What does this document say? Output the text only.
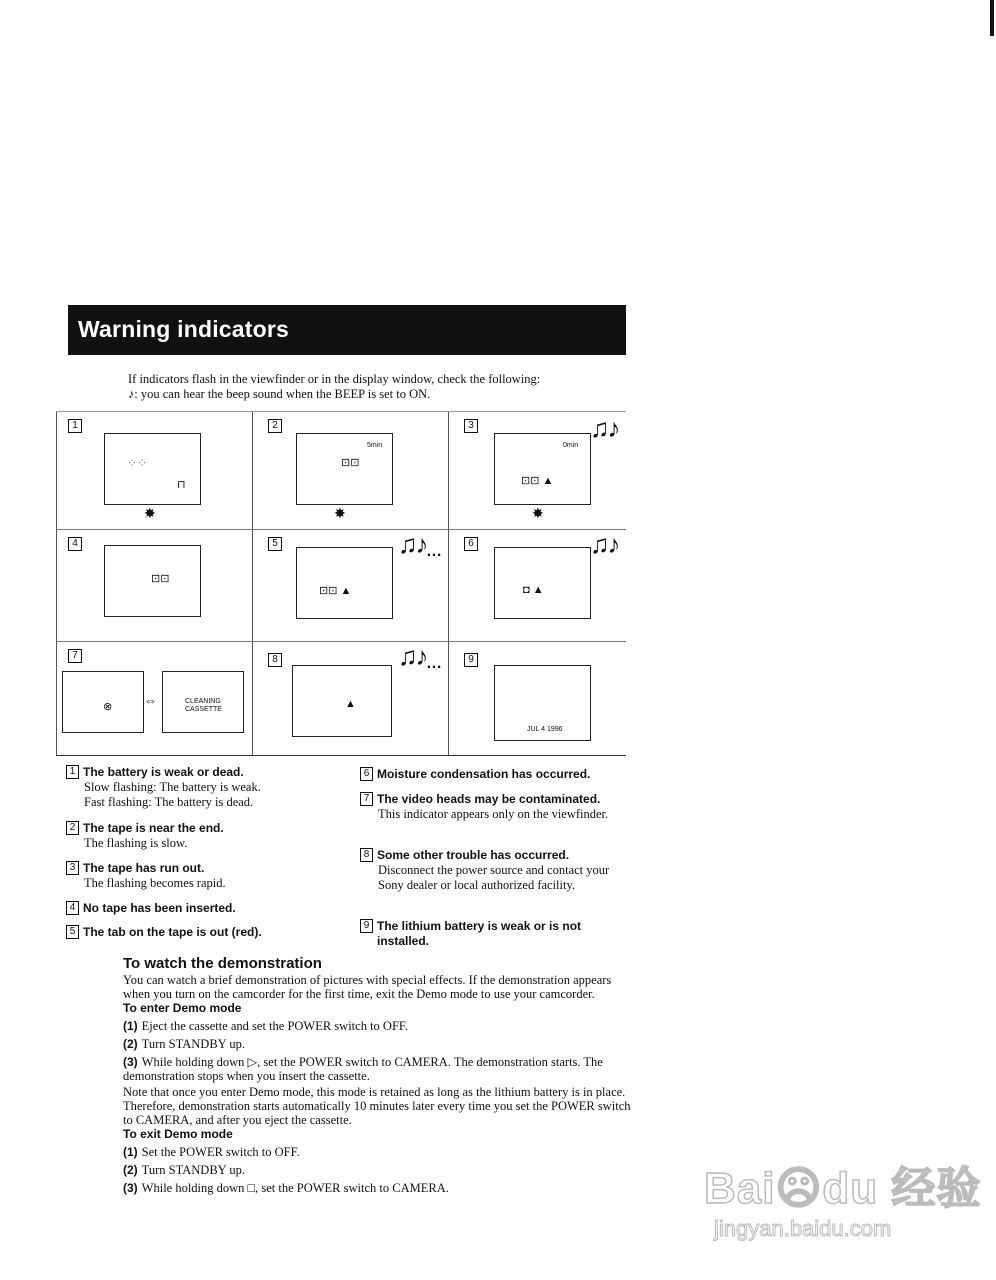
Warning indicators
If indicators flash in the viewfinder or in the display window, check the following:
♪: you can hear the beep sound when the BEEP is set to ON.
1
⁘⁘
⊓
✸
2
5min
⊡⊡
✸
3
0min
⊡⊡ ▲
♫♪
✸
4
⊡⊡
5
⊡⊡ ▲
♫♪ …	6
◘ ▲
♫♪
7
⊗ ⇔	CLEANING
CASSETTE
8
▲
♫♪ …	9
JUL 4 1996
1 The battery is weak or dead.
Slow flashing: The battery is weak.
Fast flashing: The battery is dead.
2 The tape is near the end.
The flashing is slow.
3 The tape has run out.
The flashing becomes rapid.
4 No tape has been inserted.
5 The tab on the tape is out (red).
6 Moisture condensation has occurred.
7 The video heads may be contaminated.
This indicator appears only on the viewfinder.
8 Some other trouble has occurred.
Disconnect the power source and contact your Sony dealer or local authorized facility.
9 The lithium battery is weak or is not installed.
To watch the demonstration
You can watch a brief demonstration of pictures with special effects. If the demonstration appears when you turn on the camcorder for the first time, exit the Demo mode to use your camcorder.
To enter Demo mode
(1) Eject the cassette and set the POWER switch to OFF.
(2) Turn STANDBY up.
(3) While holding down ▷, set the POWER switch to CAMERA. The demonstration starts. The demonstration stops when you insert the cassette.
Note that once you enter Demo mode, this mode is retained as long as the lithium battery is in place. Therefore, demonstration starts automatically 10 minutes later every time you set the POWER switch to CAMERA, and after you eject the cassette.
To exit Demo mode
(1) Set the POWER switch to OFF.
(2) Turn STANDBY up.
(3) While holding down □, set the POWER switch to CAMERA.	Bai☹du 经验
jingyan.baidu.com
